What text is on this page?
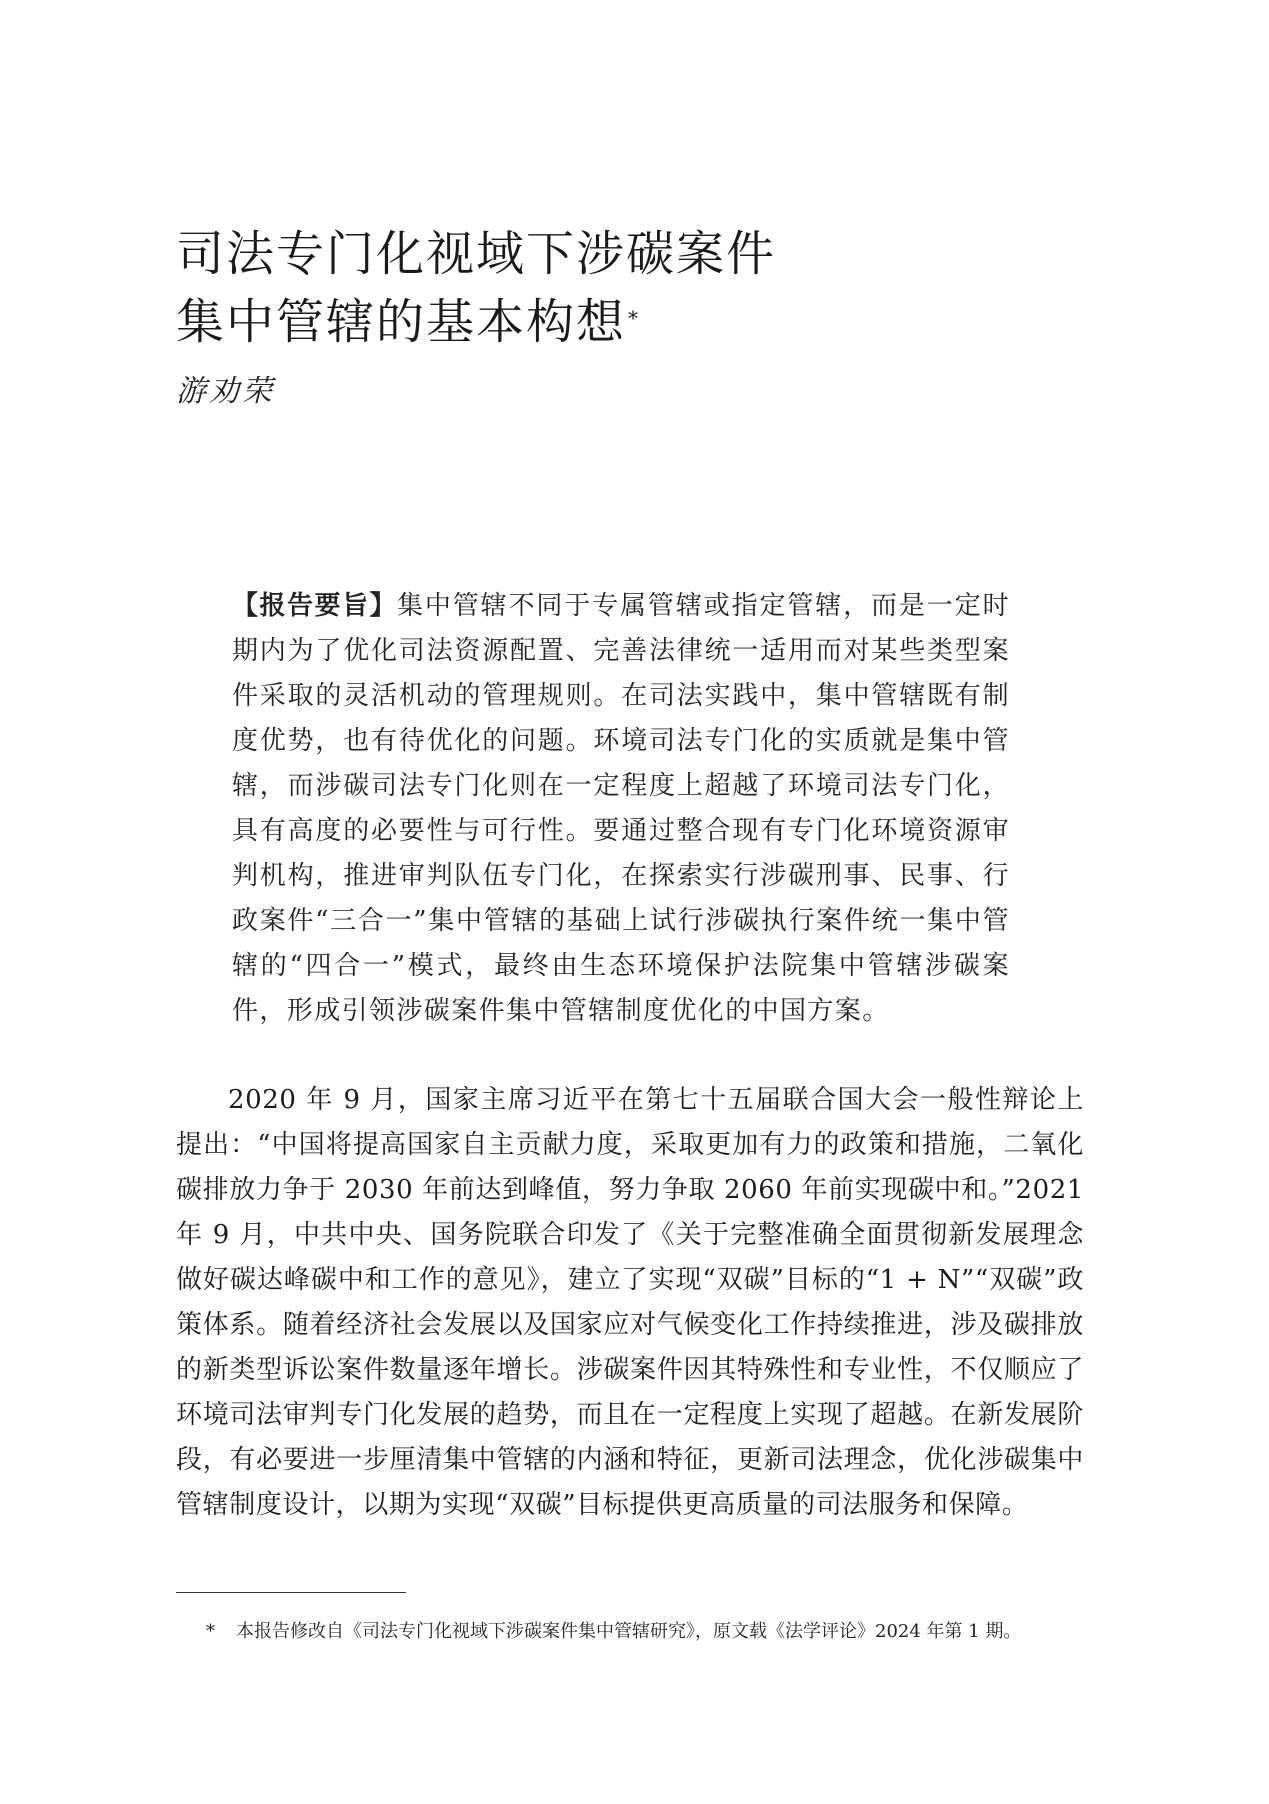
司法专门化视域下涉碳案件
集中管辖的基本构想 *
游劝荣
【报告要旨】集中管辖不同于专属管辖或指定管辖，而是一定时期内为了优化司法资源配置、完善法律统一适用而对某些类型案件采取的灵活机动的管理规则。在司法实践中，集中管辖既有制度优势，也有待优化的问题。环境司法专门化的实质就是集中管辖，而涉碳司法专门化则在一定程度上超越了环境司法专门化，具有高度的必要性与可行性。要通过整合现有专门化环境资源审判机构，推进审判队伍专门化，在探索实行涉碳刑事、民事、行政案件“三合一”集中管辖的基础上试行涉碳执行案件统一集中管辖的“四合一”模式，最终由生态环境保护法院集中管辖涉碳案件，形成引领涉碳案件集中管辖制度优化的中国方案。
2020 年 9 月，国家主席习近平在第七十五届联合国大会一般性辩论上提出：“中国将提高国家自主贡献力度，采取更加有力的政策和措施，二氧化碳排放力争于 2030 年前达到峰值，努力争取 2060 年前实现碳中和。”2021 年 9 月，中共中央、国务院联合印发了《关于完整准确全面贯彻新发展理念做好碳达峰碳中和工作的意见》，建立了实现“双碳”目标的“1 + N”“双碳”政策体系。随着经济社会发展以及国家应对气候变化工作持续推进，涉及碳排放的新类型诉讼案件数量逐年增长。涉碳案件因其特殊性和专业性，不仅顺应了环境司法审判专门化发展的趋势，而且在一定程度上实现了超越。在新发展阶段，有必要进一步厘清集中管辖的内涵和特征，更新司法理念，优化涉碳集中管辖制度设计，以期为实现“双碳”目标提供更高质量的司法服务和保障。
* 本报告修改自《司法专门化视域下涉碳案件集中管辖研究》，原文载《法学评论》2024 年第 1 期。
